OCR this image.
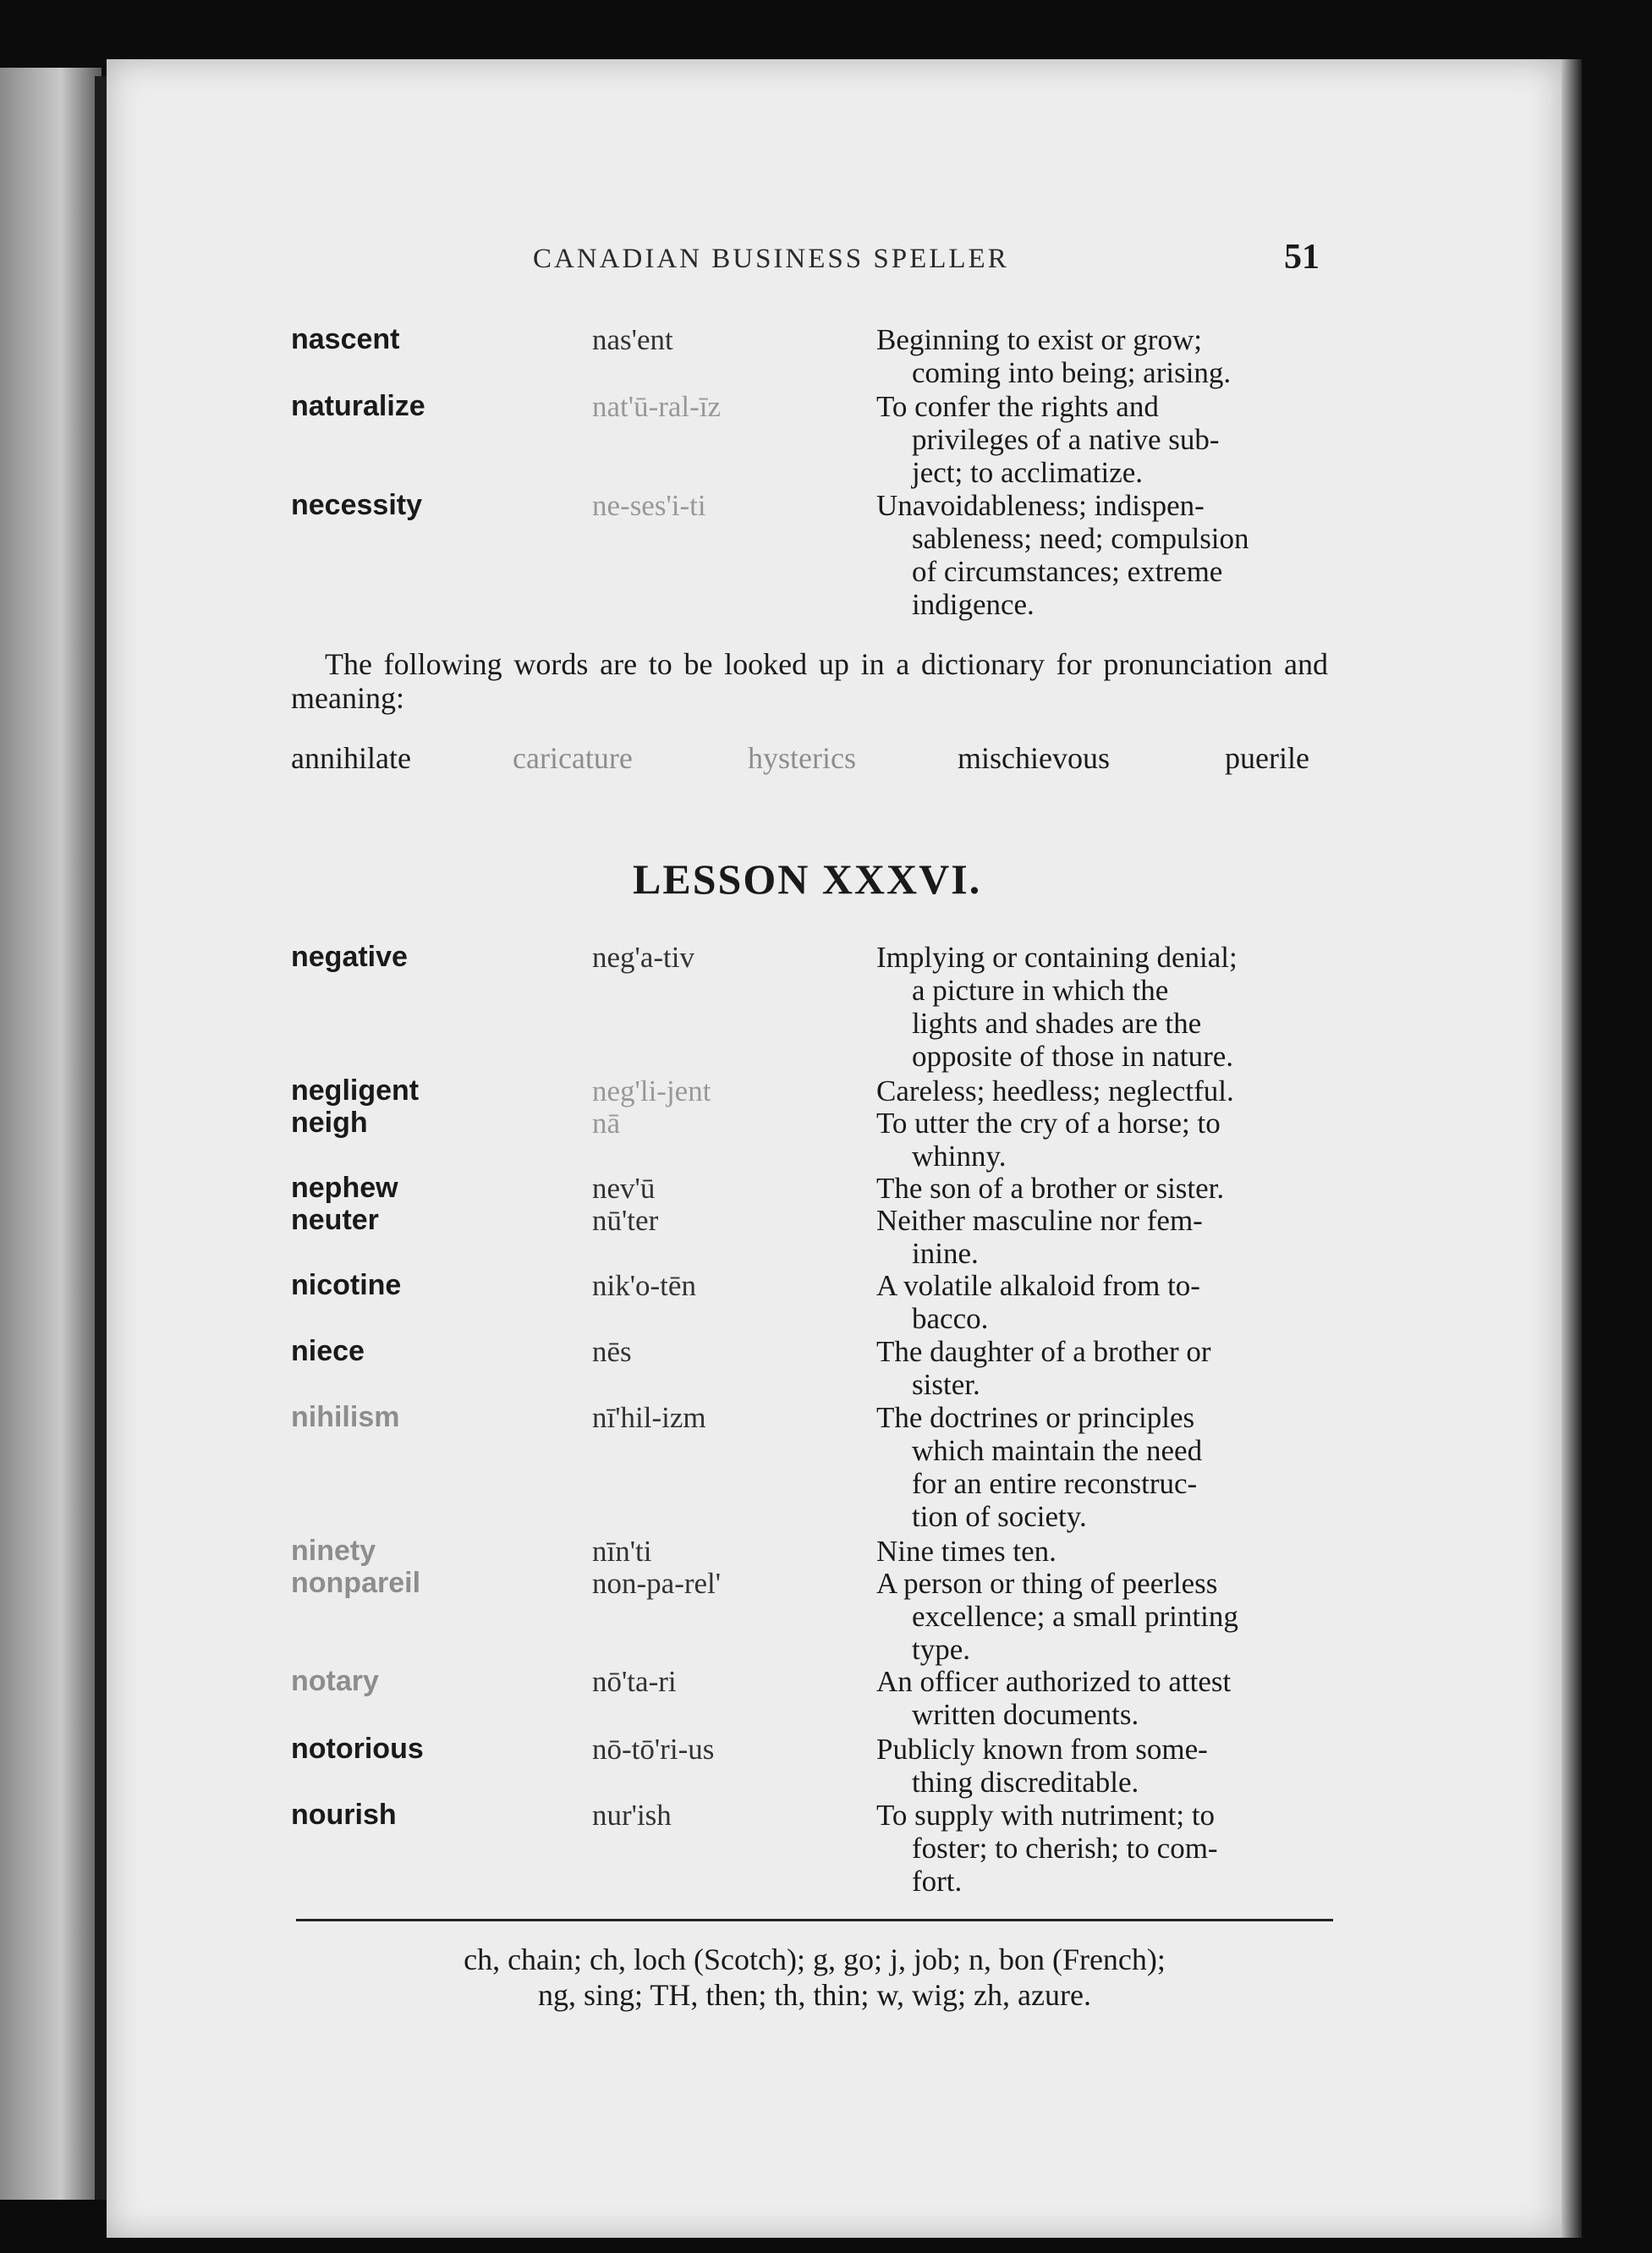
CANADIAN BUSINESS SPELLER	51
nascent	nas'ent	Beginning to exist or grow;
coming into being; arising.
naturalize	nat'ū-ral-īz	To confer the rights and
privileges of a native sub-
ject; to acclimatize.
necessity	ne-ses'i-ti	Unavoidableness; indispen-
sableness; need; compulsion
of circumstances; extreme
indigence.
The following words are to be looked up in a dictionary for pronunciation and meaning:
annihilate	caricature	hysterics	mischievous	puerile
LESSON XXXVI.
negative	neg'a-tiv	Implying or containing denial;
a picture in which the
lights and shades are the
opposite of those in nature.
negligent	neg'li-jent	Careless; heedless; neglectful.
neigh	nā	To utter the cry of a horse; to
whinny.
nephew	nev'ū	The son of a brother or sister.
neuter	nū'ter	Neither masculine nor fem-
inine.
nicotine	nik'o-tēn	A volatile alkaloid from to-
bacco.
niece	nēs	The daughter of a brother or
sister.
nihilism	nī'hil-izm	The doctrines or principles
which maintain the need
for an entire reconstruc-
tion of society.
ninety	nīn'ti	Nine times ten.
nonpareil	non-pa-rel'	A person or thing of peerless
excellence; a small printing
type.
notary	nō'ta-ri	An officer authorized to attest
written documents.
notorious	nō-tō'ri-us	Publicly known from some-
thing discreditable.
nourish	nur'ish	To supply with nutriment; to
foster; to cherish; to com-
fort.
ch, chain; ch, loch (Scotch); g, go; j, job; n, bon (French);
ng, sing; TH, then; th, thin; w, wig; zh, azure.
